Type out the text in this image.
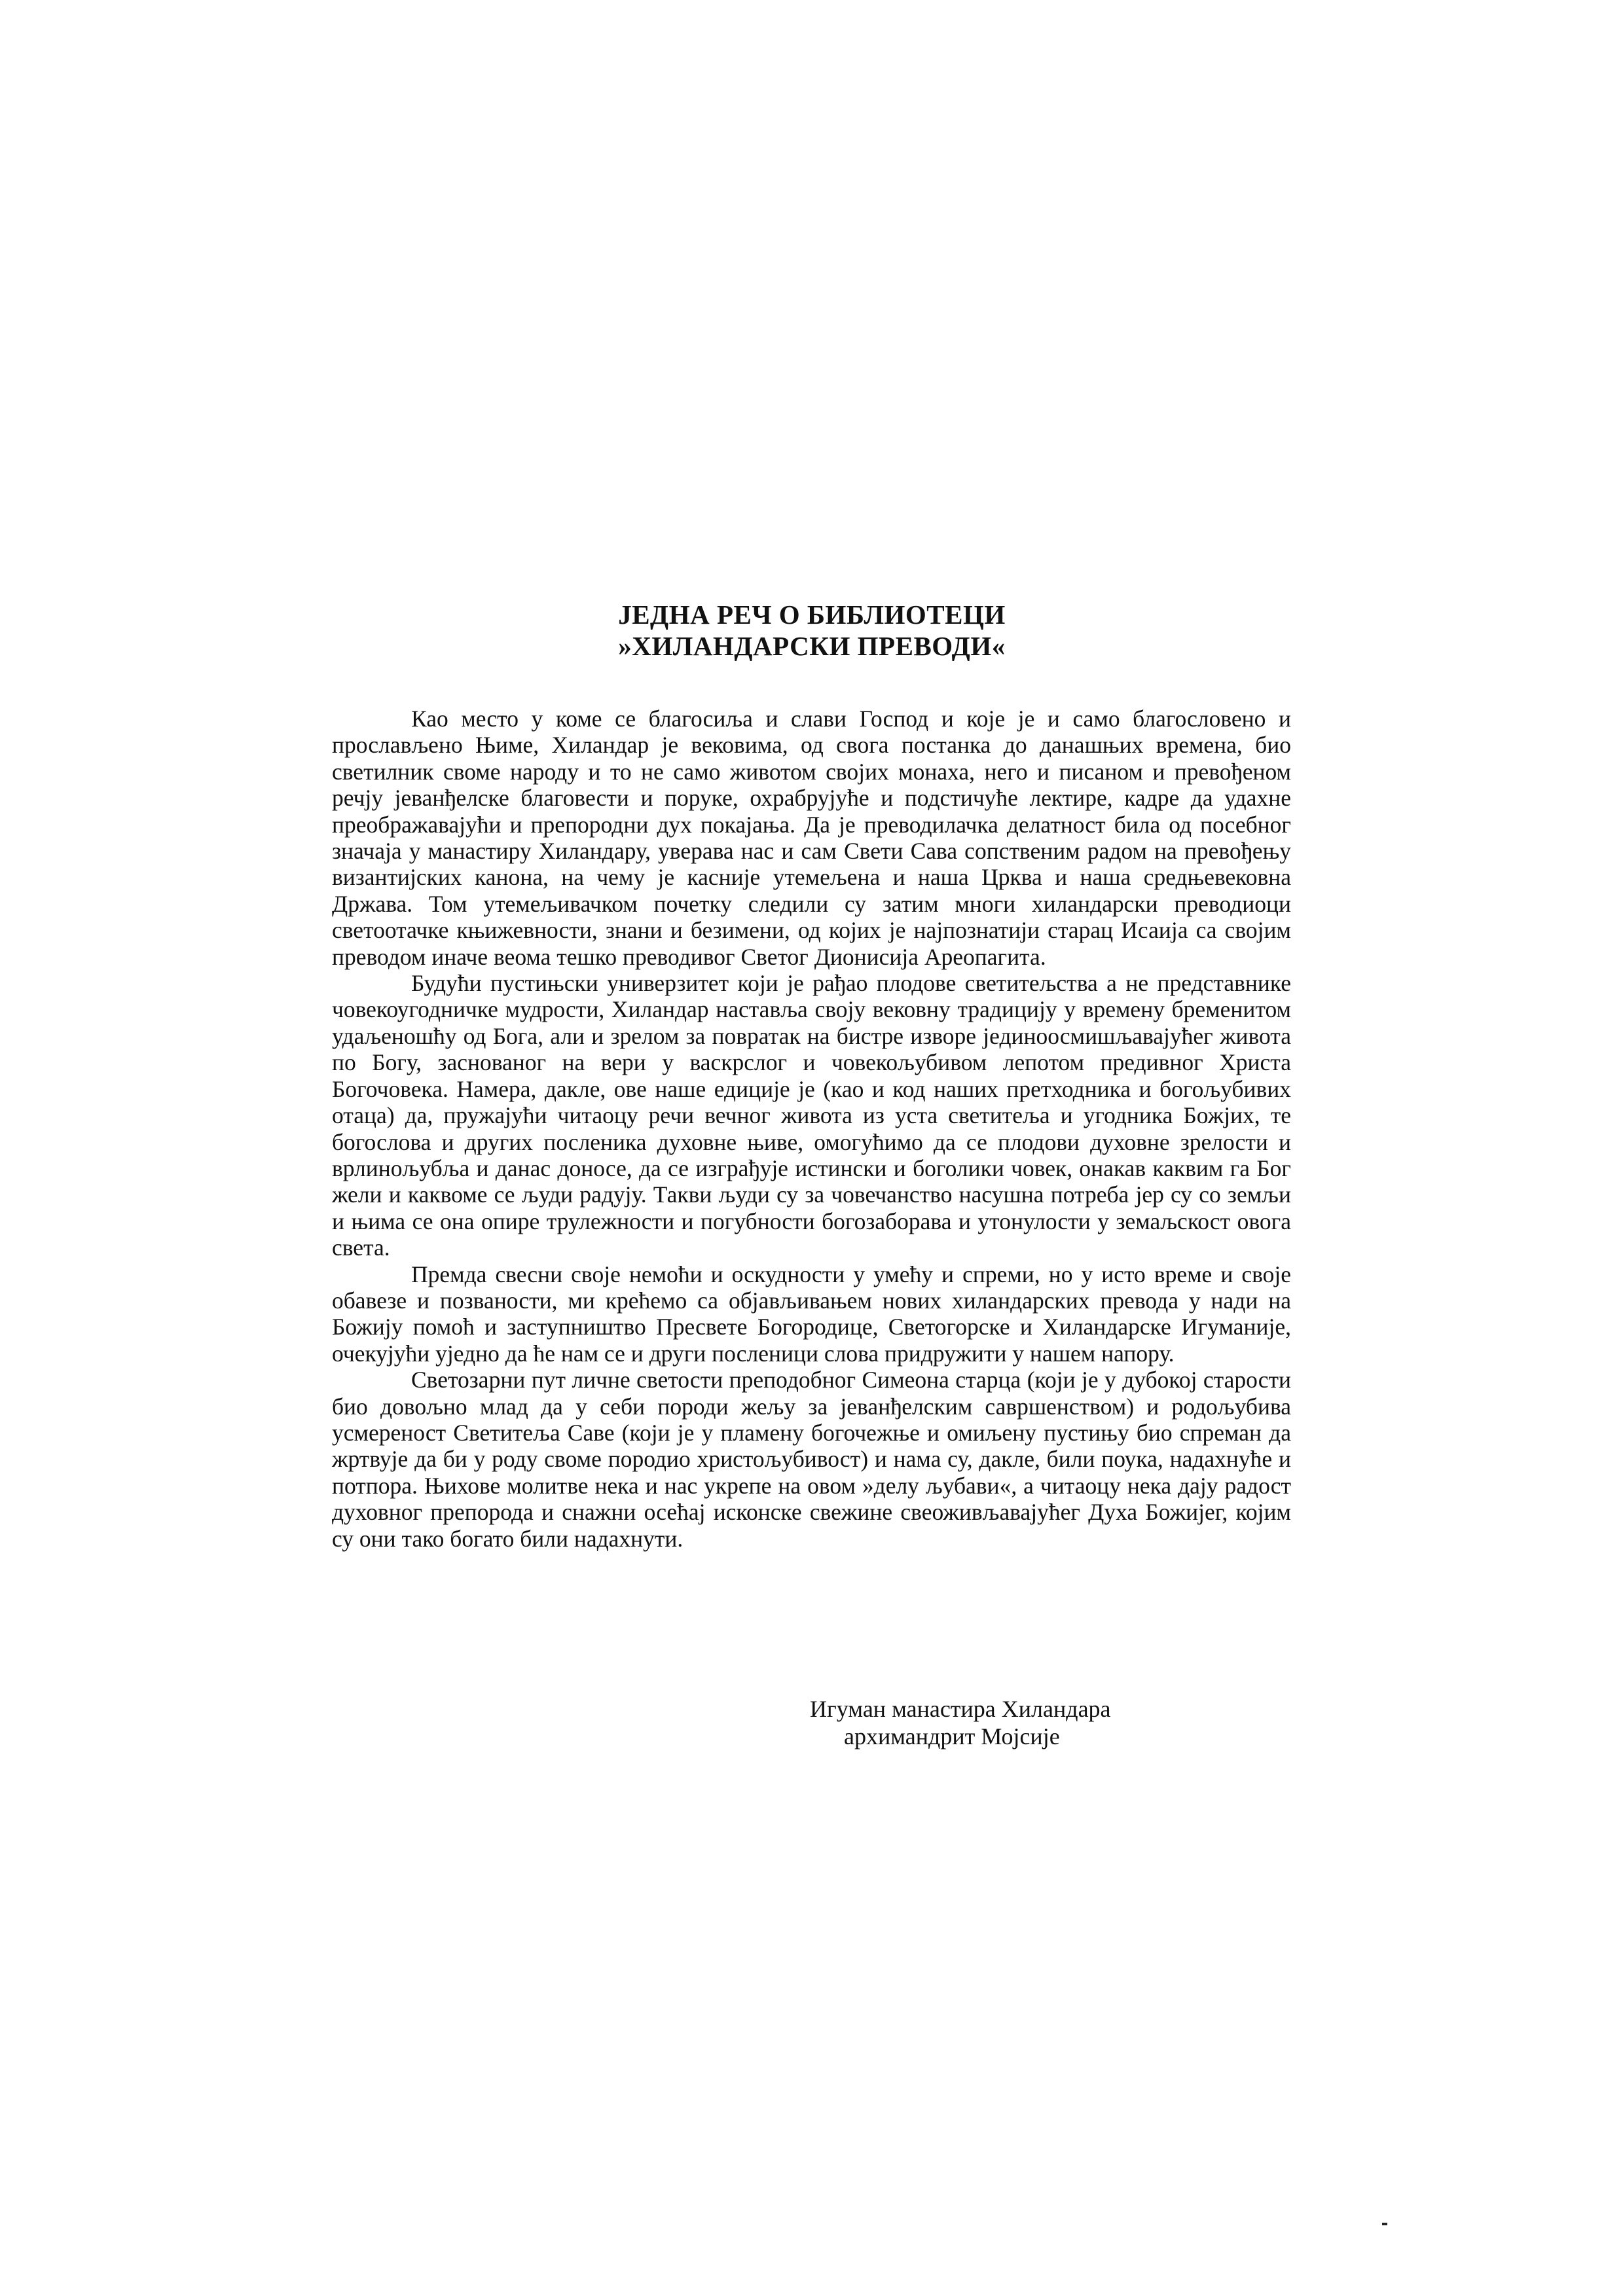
ЈЕДНА РЕЧ О БИБЛИОТЕЦИ
»ХИЛАНДАРСКИ ПРЕВОДИ«

Као место у коме се благосиља и слави Господ и које је и само благословено и прослављено Њиме, Хиландар је вековима, од свога постанка до данашњих времена, био светилник своме народу и то не само животом својих монаха, него и писаном и превођеном речју јеванђелске благовести и поруке, охрабрујуће и подстичуће лектире, кадре да удахне преображавајући и препородни дух покајања. Да је преводилачка делатност била од посебног значаја у манастиру Хиландару, уверава нас и сам Свети Сава сопственим радом на превођењу византијских канона, на чему је касније утемељена и наша Црква и наша средњевековна Држава. Том утемељивачком почетку следили су затим многи хиландарски преводиоци светоотачке књижевности, знани и безимени, од којих је најпознатији старац Исаија са својим преводом иначе веома тешко преводивог Светог Дионисија Ареопагита.

Будући пустињски универзитет који је рађао плодове светитељства а не представнике човекоугодничке мудрости, Хиландар наставља своју вековну традицију у времену бременитом удаљеношћу од Бога, али и зрелом за повратак на бистре изворе јединоосмишљавајућег живота по Богу, заснованог на вери у васкрслог и човекољубивом лепотом предивног Христа Богочовека. Намера, дакле, ове наше едиције је (као и код наших претходника и богољубивих отаца) да, пружајући читаоцу речи вечног живота из уста светитеља и угодника Божјих, те богослова и других посленика духовне њиве, омогућимо да се плодови духовне зрелости и врлинољубља и данас доносе, да се изграђује истински и боголики човек, онакав каквим га Бог жели и каквоме се људи радују. Такви људи су за човечанство насушна потреба јер су со земљи и њима се она опире трулежности и погубности богозаборава и утонулости у земаљскост овога света.

Премда свесни своје немоћи и оскудности у умећу и спреми, но у исто време и своје обавезе и позваности, ми крећемо са објављивањем нових хиландарских превода у нади на Божију помоћ и заступништво Пресвете Богородице, Светогорске и Хиландарске Игуманије, очекујући уједно да ће нам се и други посленици слова придружити у нашем напору.

Светозарни пут личне светости преподобног Симеона старца (који је у дубокој старости био довољно млад да у себи породи жељу за јеванђелским савршенством) и родољубива усмереност Светитеља Саве (који је у пламену богочежње и омиљену пустињу био спреман да жртвује да би у роду своме породио христољубивост) и нама су, дакле, били поука, надахнуће и потпора. Њихове молитве нека и нас укрепе на овом »делу љубави«, а читаоцу нека дају радост духовног препорода и снажни осећај исконске свежине свеоживљавајућег Духа Божијег, којим су они тако богато били надахнути.

Игуман манастира Хиландара
архимандрит Мојсије
